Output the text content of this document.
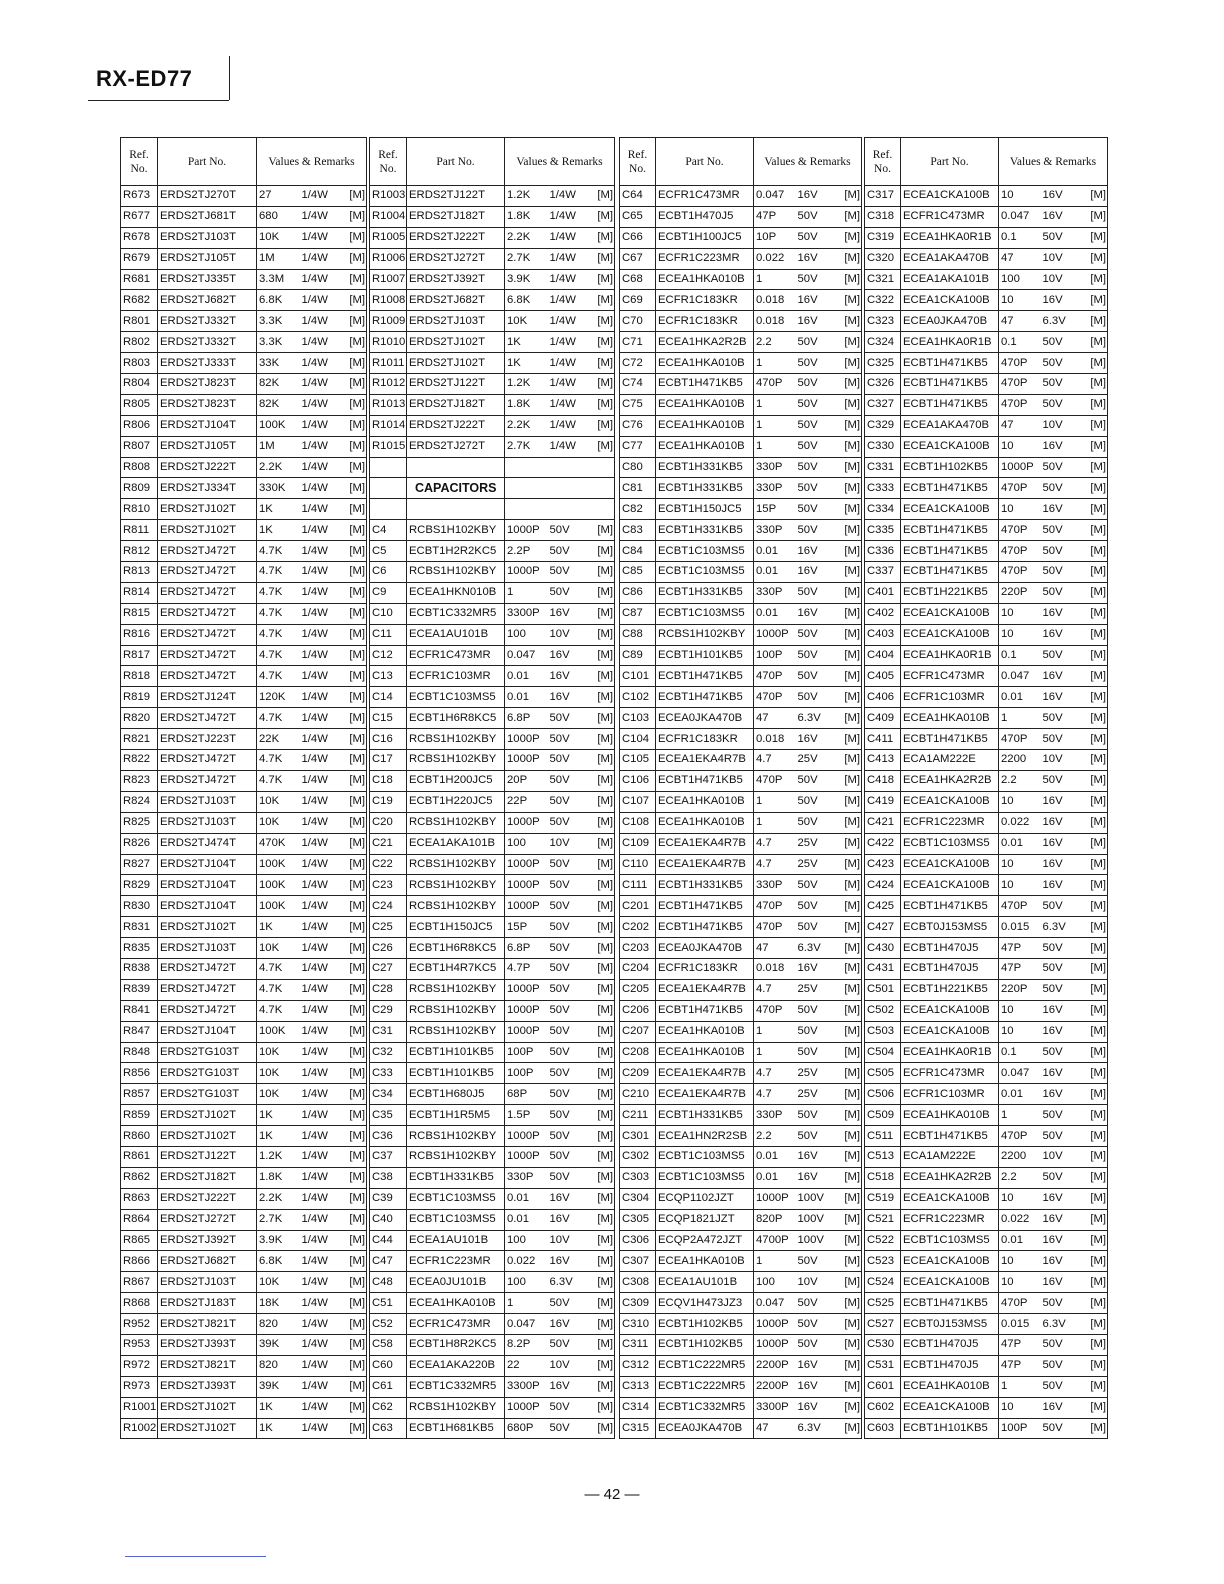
RX-ED77
Ref.
No.	Part No.	Values & Remarks		
R673	ERDS2TJ270T	27	1/4W	[M]
R677	ERDS2TJ681T	680	1/4W	[M]
R678	ERDS2TJ103T	10K	1/4W	[M]
R679	ERDS2TJ105T	1M	1/4W	[M]
R681	ERDS2TJ335T	3.3M	1/4W	[M]
R682	ERDS2TJ682T	6.8K	1/4W	[M]
R801	ERDS2TJ332T	3.3K	1/4W	[M]
R802	ERDS2TJ332T	3.3K	1/4W	[M]
R803	ERDS2TJ333T	33K	1/4W	[M]
R804	ERDS2TJ823T	82K	1/4W	[M]
R805	ERDS2TJ823T	82K	1/4W	[M]
R806	ERDS2TJ104T	100K	1/4W	[M]
R807	ERDS2TJ105T	1M	1/4W	[M]
R808	ERDS2TJ222T	2.2K	1/4W	[M]
R809	ERDS2TJ334T	330K	1/4W	[M]
R810	ERDS2TJ102T	1K	1/4W	[M]
R811	ERDS2TJ102T	1K	1/4W	[M]
R812	ERDS2TJ472T	4.7K	1/4W	[M]
R813	ERDS2TJ472T	4.7K	1/4W	[M]
R814	ERDS2TJ472T	4.7K	1/4W	[M]
R815	ERDS2TJ472T	4.7K	1/4W	[M]
R816	ERDS2TJ472T	4.7K	1/4W	[M]
R817	ERDS2TJ472T	4.7K	1/4W	[M]
R818	ERDS2TJ472T	4.7K	1/4W	[M]
R819	ERDS2TJ124T	120K	1/4W	[M]
R820	ERDS2TJ472T	4.7K	1/4W	[M]
R821	ERDS2TJ223T	22K	1/4W	[M]
R822	ERDS2TJ472T	4.7K	1/4W	[M]
R823	ERDS2TJ472T	4.7K	1/4W	[M]
R824	ERDS2TJ103T	10K	1/4W	[M]
R825	ERDS2TJ103T	10K	1/4W	[M]
R826	ERDS2TJ474T	470K	1/4W	[M]
R827	ERDS2TJ104T	100K	1/4W	[M]
R829	ERDS2TJ104T	100K	1/4W	[M]
R830	ERDS2TJ104T	100K	1/4W	[M]
R831	ERDS2TJ102T	1K	1/4W	[M]
R835	ERDS2TJ103T	10K	1/4W	[M]
R838	ERDS2TJ472T	4.7K	1/4W	[M]
R839	ERDS2TJ472T	4.7K	1/4W	[M]
R841	ERDS2TJ472T	4.7K	1/4W	[M]
R847	ERDS2TJ104T	100K	1/4W	[M]
R848	ERDS2TG103T	10K	1/4W	[M]
R856	ERDS2TG103T	10K	1/4W	[M]
R857	ERDS2TG103T	10K	1/4W	[M]
R859	ERDS2TJ102T	1K	1/4W	[M]
R860	ERDS2TJ102T	1K	1/4W	[M]
R861	ERDS2TJ122T	1.2K	1/4W	[M]
R862	ERDS2TJ182T	1.8K	1/4W	[M]
R863	ERDS2TJ222T	2.2K	1/4W	[M]
R864	ERDS2TJ272T	2.7K	1/4W	[M]
R865	ERDS2TJ392T	3.9K	1/4W	[M]
R866	ERDS2TJ682T	6.8K	1/4W	[M]
R867	ERDS2TJ103T	10K	1/4W	[M]
R868	ERDS2TJ183T	18K	1/4W	[M]
R952	ERDS2TJ821T	820	1/4W	[M]
R953	ERDS2TJ393T	39K	1/4W	[M]
R972	ERDS2TJ821T	820	1/4W	[M]
R973	ERDS2TJ393T	39K	1/4W	[M]
R1001	ERDS2TJ102T	1K	1/4W	[M]
R1002	ERDS2TJ102T	1K	1/4W	[M]
Ref.
No.	Part No.	Values & Remarks		
R1003	ERDS2TJ122T	1.2K	1/4W	[M]
R1004	ERDS2TJ182T	1.8K	1/4W	[M]
R1005	ERDS2TJ222T	2.2K	1/4W	[M]
R1006	ERDS2TJ272T	2.7K	1/4W	[M]
R1007	ERDS2TJ392T	3.9K	1/4W	[M]
R1008	ERDS2TJ682T	6.8K	1/4W	[M]
R1009	ERDS2TJ103T	10K	1/4W	[M]
R1010	ERDS2TJ102T	1K	1/4W	[M]
R1011	ERDS2TJ102T	1K	1/4W	[M]
R1012	ERDS2TJ122T	1.2K	1/4W	[M]
R1013	ERDS2TJ182T	1.8K	1/4W	[M]
R1014	ERDS2TJ222T	2.2K	1/4W	[M]
R1015	ERDS2TJ272T	2.7K	1/4W	[M]

	CAPACITORS			

C4	RCBS1H102KBY	1000P	50V	[M]
C5	ECBT1H2R2KC5	2.2P	50V	[M]
C6	RCBS1H102KBY	1000P	50V	[M]
C9	ECEA1HKN010B	1	50V	[M]
C10	ECBT1C332MR5	3300P	16V	[M]
C11	ECEA1AU101B	100	10V	[M]
C12	ECFR1C473MR	0.047	16V	[M]
C13	ECFR1C103MR	0.01	16V	[M]
C14	ECBT1C103MS5	0.01	16V	[M]
C15	ECBT1H6R8KC5	6.8P	50V	[M]
C16	RCBS1H102KBY	1000P	50V	[M]
C17	RCBS1H102KBY	1000P	50V	[M]
C18	ECBT1H200JC5	20P	50V	[M]
C19	ECBT1H220JC5	22P	50V	[M]
C20	RCBS1H102KBY	1000P	50V	[M]
C21	ECEA1AKA101B	100	10V	[M]
C22	RCBS1H102KBY	1000P	50V	[M]
C23	RCBS1H102KBY	1000P	50V	[M]
C24	RCBS1H102KBY	1000P	50V	[M]
C25	ECBT1H150JC5	15P	50V	[M]
C26	ECBT1H6R8KC5	6.8P	50V	[M]
C27	ECBT1H4R7KC5	4.7P	50V	[M]
C28	RCBS1H102KBY	1000P	50V	[M]
C29	RCBS1H102KBY	1000P	50V	[M]
C31	RCBS1H102KBY	1000P	50V	[M]
C32	ECBT1H101KB5	100P	50V	[M]
C33	ECBT1H101KB5	100P	50V	[M]
C34	ECBT1H680J5	68P	50V	[M]
C35	ECBT1H1R5M5	1.5P	50V	[M]
C36	RCBS1H102KBY	1000P	50V	[M]
C37	RCBS1H102KBY	1000P	50V	[M]
C38	ECBT1H331KB5	330P	50V	[M]
C39	ECBT1C103MS5	0.01	16V	[M]
C40	ECBT1C103MS5	0.01	16V	[M]
C44	ECEA1AU101B	100	10V	[M]
C47	ECFR1C223MR	0.022	16V	[M]
C48	ECEA0JU101B	100	6.3V	[M]
C51	ECEA1HKA010B	1	50V	[M]
C52	ECFR1C473MR	0.047	16V	[M]
C58	ECBT1H8R2KC5	8.2P	50V	[M]
C60	ECEA1AKA220B	22	10V	[M]
C61	ECBT1C332MR5	3300P	16V	[M]
C62	RCBS1H102KBY	1000P	50V	[M]
C63	ECBT1H681KB5	680P	50V	[M]
Ref.
No.	Part No.	Values & Remarks		
C64	ECFR1C473MR	0.047	16V	[M]
C65	ECBT1H470J5	47P	50V	[M]
C66	ECBT1H100JC5	10P	50V	[M]
C67	ECFR1C223MR	0.022	16V	[M]
C68	ECEA1HKA010B	1	50V	[M]
C69	ECFR1C183KR	0.018	16V	[M]
C70	ECFR1C183KR	0.018	16V	[M]
C71	ECEA1HKA2R2B	2.2	50V	[M]
C72	ECEA1HKA010B	1	50V	[M]
C74	ECBT1H471KB5	470P	50V	[M]
C75	ECEA1HKA010B	1	50V	[M]
C76	ECEA1HKA010B	1	50V	[M]
C77	ECEA1HKA010B	1	50V	[M]
C80	ECBT1H331KB5	330P	50V	[M]
C81	ECBT1H331KB5	330P	50V	[M]
C82	ECBT1H150JC5	15P	50V	[M]
C83	ECBT1H331KB5	330P	50V	[M]
C84	ECBT1C103MS5	0.01	16V	[M]
C85	ECBT1C103MS5	0.01	16V	[M]
C86	ECBT1H331KB5	330P	50V	[M]
C87	ECBT1C103MS5	0.01	16V	[M]
C88	RCBS1H102KBY	1000P	50V	[M]
C89	ECBT1H101KB5	100P	50V	[M]
C101	ECBT1H471KB5	470P	50V	[M]
C102	ECBT1H471KB5	470P	50V	[M]
C103	ECEA0JKA470B	47	6.3V	[M]
C104	ECFR1C183KR	0.018	16V	[M]
C105	ECEA1EKA4R7B	4.7	25V	[M]
C106	ECBT1H471KB5	470P	50V	[M]
C107	ECEA1HKA010B	1	50V	[M]
C108	ECEA1HKA010B	1	50V	[M]
C109	ECEA1EKA4R7B	4.7	25V	[M]
C110	ECEA1EKA4R7B	4.7	25V	[M]
C111	ECBT1H331KB5	330P	50V	[M]
C201	ECBT1H471KB5	470P	50V	[M]
C202	ECBT1H471KB5	470P	50V	[M]
C203	ECEA0JKA470B	47	6.3V	[M]
C204	ECFR1C183KR	0.018	16V	[M]
C205	ECEA1EKA4R7B	4.7	25V	[M]
C206	ECBT1H471KB5	470P	50V	[M]
C207	ECEA1HKA010B	1	50V	[M]
C208	ECEA1HKA010B	1	50V	[M]
C209	ECEA1EKA4R7B	4.7	25V	[M]
C210	ECEA1EKA4R7B	4.7	25V	[M]
C211	ECBT1H331KB5	330P	50V	[M]
C301	ECEA1HN2R2SB	2.2	50V	[M]
C302	ECBT1C103MS5	0.01	16V	[M]
C303	ECBT1C103MS5	0.01	16V	[M]
C304	ECQP1102JZT	1000P	100V	[M]
C305	ECQP1821JZT	820P	100V	[M]
C306	ECQP2A472JZT	4700P	100V	[M]
C307	ECEA1HKA010B	1	50V	[M]
C308	ECEA1AU101B	100	10V	[M]
C309	ECQV1H473JZ3	0.047	50V	[M]
C310	ECBT1H102KB5	1000P	50V	[M]
C311	ECBT1H102KB5	1000P	50V	[M]
C312	ECBT1C222MR5	2200P	16V	[M]
C313	ECBT1C222MR5	2200P	16V	[M]
C314	ECBT1C332MR5	3300P	16V	[M]
C315	ECEA0JKA470B	47	6.3V	[M]
Ref.
No.	Part No.	Values & Remarks		
C317	ECEA1CKA100B	10	16V	[M]
C318	ECFR1C473MR	0.047	16V	[M]
C319	ECEA1HKA0R1B	0.1	50V	[M]
C320	ECEA1AKA470B	47	10V	[M]
C321	ECEA1AKA101B	100	10V	[M]
C322	ECEA1CKA100B	10	16V	[M]
C323	ECEA0JKA470B	47	6.3V	[M]
C324	ECEA1HKA0R1B	0.1	50V	[M]
C325	ECBT1H471KB5	470P	50V	[M]
C326	ECBT1H471KB5	470P	50V	[M]
C327	ECBT1H471KB5	470P	50V	[M]
C329	ECEA1AKA470B	47	10V	[M]
C330	ECEA1CKA100B	10	16V	[M]
C331	ECBT1H102KB5	1000P	50V	[M]
C333	ECBT1H471KB5	470P	50V	[M]
C334	ECEA1CKA100B	10	16V	[M]
C335	ECBT1H471KB5	470P	50V	[M]
C336	ECBT1H471KB5	470P	50V	[M]
C337	ECBT1H471KB5	470P	50V	[M]
C401	ECBT1H221KB5	220P	50V	[M]
C402	ECEA1CKA100B	10	16V	[M]
C403	ECEA1CKA100B	10	16V	[M]
C404	ECEA1HKA0R1B	0.1	50V	[M]
C405	ECFR1C473MR	0.047	16V	[M]
C406	ECFR1C103MR	0.01	16V	[M]
C409	ECEA1HKA010B	1	50V	[M]
C411	ECBT1H471KB5	470P	50V	[M]
C413	ECA1AM222E	2200	10V	[M]
C418	ECEA1HKA2R2B	2.2	50V	[M]
C419	ECEA1CKA100B	10	16V	[M]
C421	ECFR1C223MR	0.022	16V	[M]
C422	ECBT1C103MS5	0.01	16V	[M]
C423	ECEA1CKA100B	10	16V	[M]
C424	ECEA1CKA100B	10	16V	[M]
C425	ECBT1H471KB5	470P	50V	[M]
C427	ECBT0J153MS5	0.015	6.3V	[M]
C430	ECBT1H470J5	47P	50V	[M]
C431	ECBT1H470J5	47P	50V	[M]
C501	ECBT1H221KB5	220P	50V	[M]
C502	ECEA1CKA100B	10	16V	[M]
C503	ECEA1CKA100B	10	16V	[M]
C504	ECEA1HKA0R1B	0.1	50V	[M]
C505	ECFR1C473MR	0.047	16V	[M]
C506	ECFR1C103MR	0.01	16V	[M]
C509	ECEA1HKA010B	1	50V	[M]
C511	ECBT1H471KB5	470P	50V	[M]
C513	ECA1AM222E	2200	10V	[M]
C518	ECEA1HKA2R2B	2.2	50V	[M]
C519	ECEA1CKA100B	10	16V	[M]
C521	ECFR1C223MR	0.022	16V	[M]
C522	ECBT1C103MS5	0.01	16V	[M]
C523	ECEA1CKA100B	10	16V	[M]
C524	ECEA1CKA100B	10	16V	[M]
C525	ECBT1H471KB5	470P	50V	[M]
C527	ECBT0J153MS5	0.015	6.3V	[M]
C530	ECBT1H470J5	47P	50V	[M]
C531	ECBT1H470J5	47P	50V	[M]
C601	ECEA1HKA010B	1	50V	[M]
C602	ECEA1CKA100B	10	16V	[M]
C603	ECBT1H101KB5	100P	50V	[M]
— 42 —
